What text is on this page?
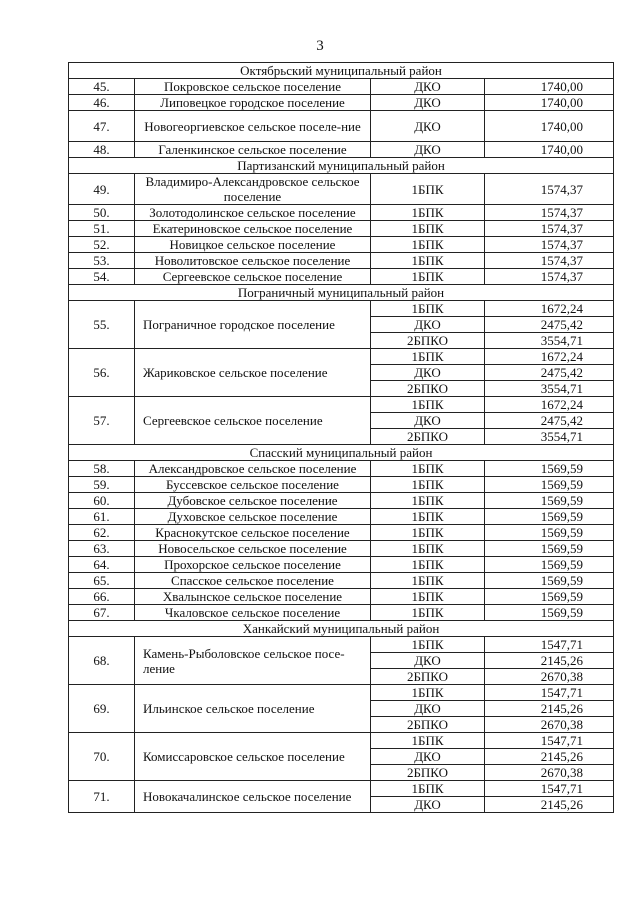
3
Октябрьский муниципальный район			
45.	Покровское сельское поселение	ДКО	1740,00
46.	Липовецкое городское поселение	ДКО	1740,00
47.	Новогеоргиевское сельское поселе-ние	ДКО	1740,00
48.	Галенкинское сельское поселение	ДКО	1740,00
Партизанский муниципальный район			
49.	Владимиро-Александровское сельское поселение	1БПК	1574,37
50.	Золотодолинское сельское поселение	1БПК	1574,37
51.	Екатериновское сельское поселение	1БПК	1574,37
52.	Новицкое сельское поселение	1БПК	1574,37
53.	Новолитовское сельское поселение	1БПК	1574,37
54.	Сергеевское сельское поселение	1БПК	1574,37
Пограничный муниципальный район			
55.	Пограничное городское поселение	1БПК	1672,24
		ДКО	2475,42
		2БПКО	3554,71
56.	Жариковское сельское поселение	1БПК	1672,24
		ДКО	2475,42
		2БПКО	3554,71
57.	Сергеевское сельское поселение	1БПК	1672,24
		ДКО	2475,42
		2БПКО	3554,71
Спасский муниципальный район			
58.	Александровское сельское поселение	1БПК	1569,59
59.	Буссевское сельское поселение	1БПК	1569,59
60.	Дубовское сельское поселение	1БПК	1569,59
61.	Духовское сельское поселение	1БПК	1569,59
62.	Краснокутское сельское поселение	1БПК	1569,59
63.	Новосельское сельское поселение	1БПК	1569,59
64.	Прохорское сельское поселение	1БПК	1569,59
65.	Спасское сельское поселение	1БПК	1569,59
66.	Хвалынское сельское поселение	1БПК	1569,59
67.	Чкаловское сельское поселение	1БПК	1569,59
Ханкайский муниципальный район			
68.	Камень-Рыболовское сельское посе-ление	1БПК	1547,71
		ДКО	2145,26
		2БПКО	2670,38
69.	Ильинское сельское поселение	1БПК	1547,71
		ДКО	2145,26
		2БПКО	2670,38
70.	Комиссаровское сельское поселение	1БПК	1547,71
		ДКО	2145,26
		2БПКО	2670,38
71.	Новокачалинское сельское поселение	1БПК	1547,71
		ДКО	2145,26
